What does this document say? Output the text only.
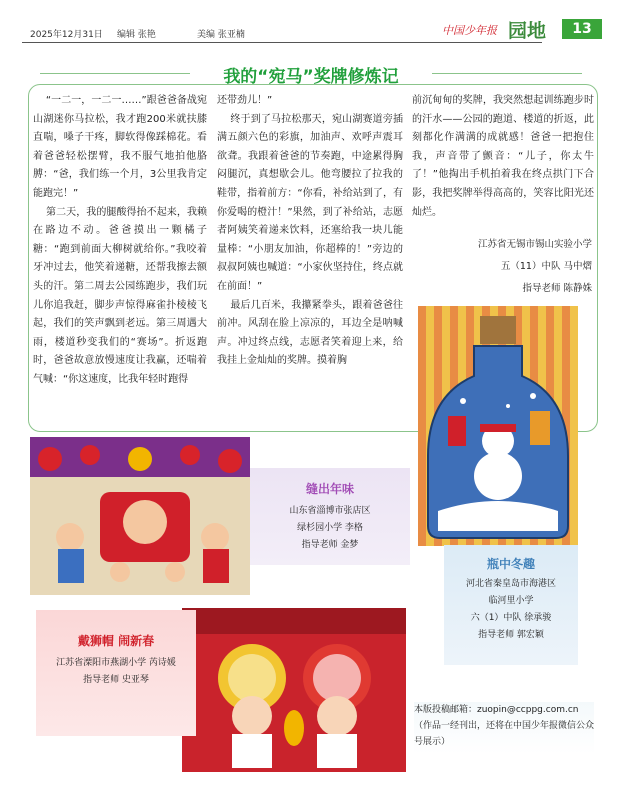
2025年12月31日 编辑 张艳	美编 张亚楠	中国少年报 园地	13
我的“宛马”奖牌修炼记
“一二一，一二一……”跟爸爸备战宛山湖迷你马拉松，我才跑200米就扶膝直喘，嗓子干疼，脚软得像踩棉花。看着爸爸轻松摆臂，我不服气地拍他胳膊：“爸，我们练一个月，3公里我肯定能跑完！”
第二天，我的腿酸得抬不起来，我赖在路边不动。爸爸摸出一颗橘子糖：“跑到前面大柳树就给你。”我咬着牙冲过去，他笑着递糖，还帮我擦去额头的汗。第二周去公园练跑步，我们玩儿你追我赶，脚步声惊得麻雀扑棱棱飞起，我们的笑声飘到老远。第三周遇大雨，楼道秒变我们的“赛场”。折返跑时，爸爸故意放慢速度让我赢，还喘着气喊：“你这速度，比我年轻时跑得
还带劲儿！”
终于到了马拉松那天，宛山湖赛道旁插满五颜六色的彩旗，加油声、欢呼声震耳欲聋。我跟着爸爸的节奏跑，中途累得胸闷腿沉，真想歇会儿。他弯腰拉了拉我的鞋带，指着前方：“你看，补给站到了，有你爱喝的橙汁！”果然，到了补给站，志愿者阿姨笑着递来饮料，还塞给我一块儿能量棒：“小朋友加油，你超棒的！”旁边的叔叔阿姨也喊道：“小家伙坚持住，终点就在前面！”
最后几百米，我攥紧拳头，跟着爸爸往前冲。风刮在脸上凉凉的，耳边全是呐喊声。冲过终点线，志愿者笑着迎上来，给我挂上金灿灿的奖牌。摸着胸
前沉甸甸的奖牌，我突然想起训练跑步时的汗水——公园的跑道、楼道的折返，此刻都化作满满的成就感！爸爸一把抱住我，声音带了颤音：“儿子，你太牛了！”他掏出手机拍着我在终点拱门下合影，我把奖牌举得高高的，笑容比阳光还灿烂。
江苏省无锡市锡山实验小学
五（11）中队 马中熠
指导老师 陈静姝
缝出年味
山东省淄博市张店区
绿杉园小学 李格
指导老师 金梦
瓶中冬趣
河北省秦皇岛市海港区
临河里小学
六（1）中队 徐承骏
指导老师 郭宏颖
戴狮帽 闹新春
江苏省溧阳市燕湖小学 芮诗媛
指导老师 史亚琴
本版投稿邮箱：zuopin@ccppg.com.cn（作品一经刊出，还将在中国少年报微信公众号展示）
